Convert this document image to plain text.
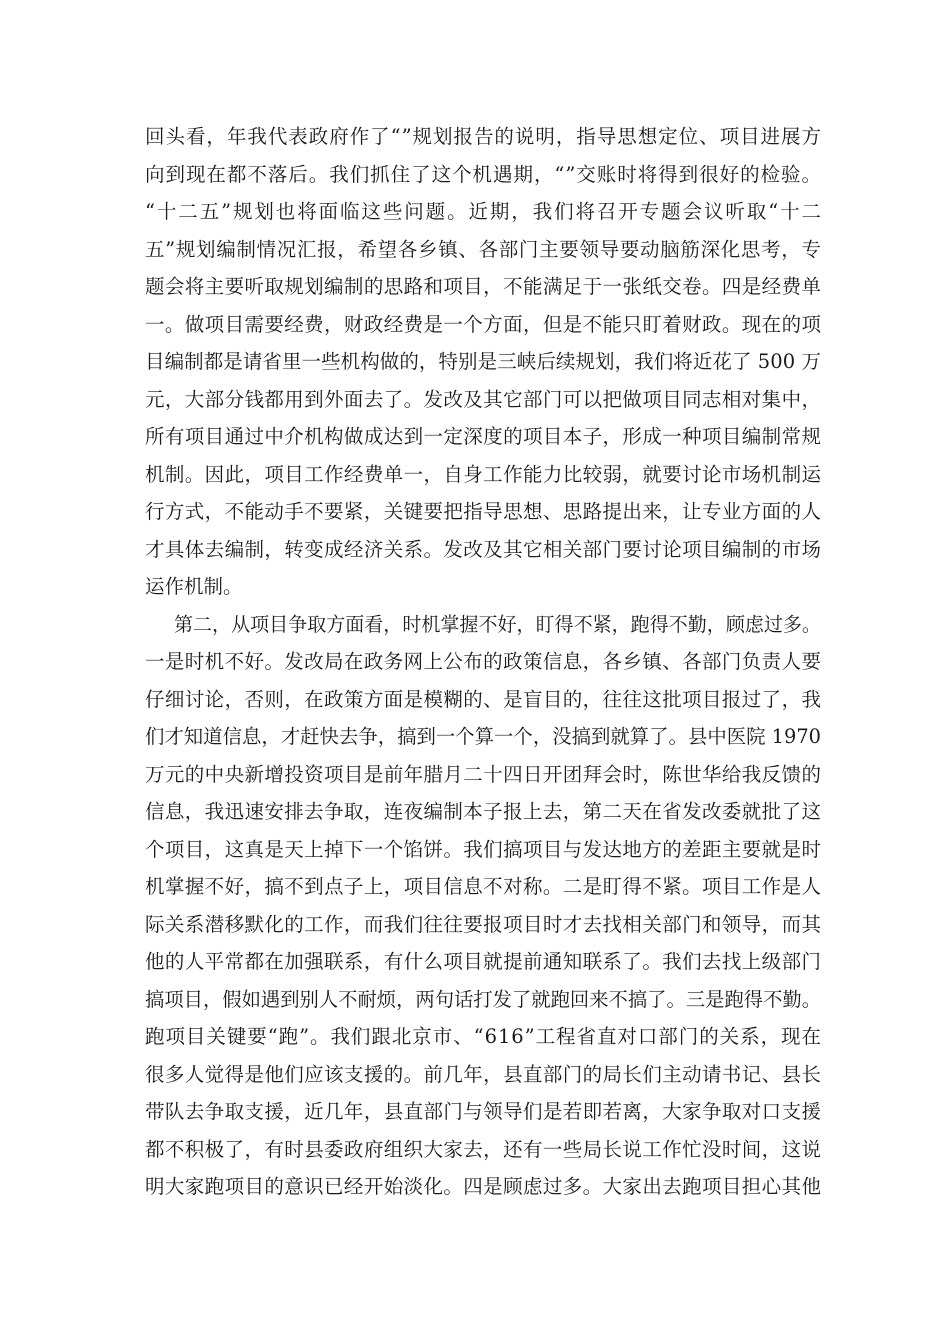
回头看，年我代表政府作了“”规划报告的说明，指导思想定位、项目进展方
向到现在都不落后。我们抓住了这个机遇期，“”交账时将得到很好的检验。
“十二五”规划也将面临这些问题。近期，我们将召开专题会议听取“十二
五”规划编制情况汇报，希望各乡镇、各部门主要领导要动脑筋深化思考，专
题会将主要听取规划编制的思路和项目，不能满足于一张纸交卷。四是经费单
一。做项目需要经费，财政经费是一个方面，但是不能只盯着财政。现在的项
目编制都是请省里一些机构做的，特别是三峡后续规划，我们将近花了 500 万
元，大部分钱都用到外面去了。发改及其它部门可以把做项目同志相对集中，
所有项目通过中介机构做成达到一定深度的项目本子，形成一种项目编制常规
机制。因此，项目工作经费单一，自身工作能力比较弱，就要讨论市场机制运
行方式，不能动手不要紧，关键要把指导思想、思路提出来，让专业方面的人
才具体去编制，转变成经济关系。发改及其它相关部门要讨论项目编制的市场
运作机制。
第二，从项目争取方面看，时机掌握不好，盯得不紧，跑得不勤，顾虑过多。
一是时机不好。发改局在政务网上公布的政策信息，各乡镇、各部门负责人要
仔细讨论，否则，在政策方面是模糊的、是盲目的，往往这批项目报过了，我
们才知道信息，才赶快去争，搞到一个算一个，没搞到就算了。县中医院 1970
万元的中央新增投资项目是前年腊月二十四日开团拜会时，陈世华给我反馈的
信息，我迅速安排去争取，连夜编制本子报上去，第二天在省发改委就批了这
个项目，这真是天上掉下一个馅饼。我们搞项目与发达地方的差距主要就是时
机掌握不好，搞不到点子上，项目信息不对称。二是盯得不紧。项目工作是人
际关系潜移默化的工作，而我们往往要报项目时才去找相关部门和领导，而其
他的人平常都在加强联系，有什么项目就提前通知联系了。我们去找上级部门
搞项目，假如遇到别人不耐烦，两句话打发了就跑回来不搞了。三是跑得不勤。
跑项目关键要“跑”。我们跟北京市、“616”工程省直对口部门的关系，现在
很多人觉得是他们应该支援的。前几年，县直部门的局长们主动请书记、县长
带队去争取支援，近几年，县直部门与领导们是若即若离，大家争取对口支援
都不积极了，有时县委政府组织大家去，还有一些局长说工作忙没时间，这说
明大家跑项目的意识已经开始淡化。四是顾虑过多。大家出去跑项目担心其他
